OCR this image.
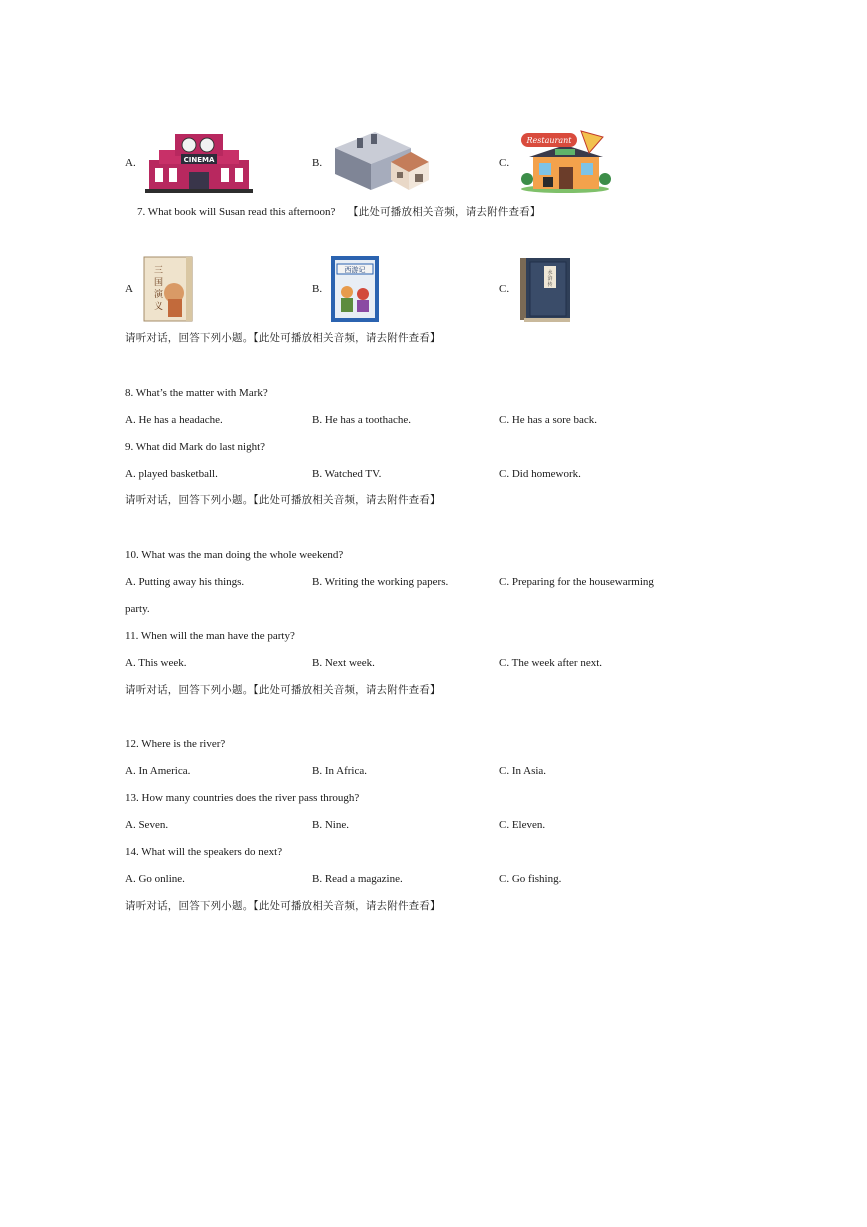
A.	CINEMA	B.	C.
Restaurant
7. What book will Susan read this afternoon? 【此处可播放相关音频，请去附件查看】
A
三
国
演
义
B.
西游记
C.
水
浒
传
请听对话，回答下列小题。【此处可播放相关音频，请去附件查看】
8. What’s the matter with Mark?
A. He has a headache.	B. He has a toothache.	C. He has a sore back.
9. What did Mark do last night?
A. played basketball.	B. Watched TV.	C. Did homework.
请听对话，回答下列小题。【此处可播放相关音频，请去附件查看】
10. What was the man doing the whole weekend?
A. Putting away his things.	B. Writing the working papers.	C. Preparing for the housewarming
party.
11. When will the man have the party?
A. This week.	B. Next week.	C. The week after next.
请听对话，回答下列小题。【此处可播放相关音频，请去附件查看】
12. Where is the river?
A. In America.	B. In Africa.	C. In Asia.
13. How many countries does the river pass through?
A. Seven.	B. Nine.	C. Eleven.
14. What will the speakers do next?
A. Go online.	B. Read a magazine.	C. Go fishing.
请听对话，回答下列小题。【此处可播放相关音频，请去附件查看】
